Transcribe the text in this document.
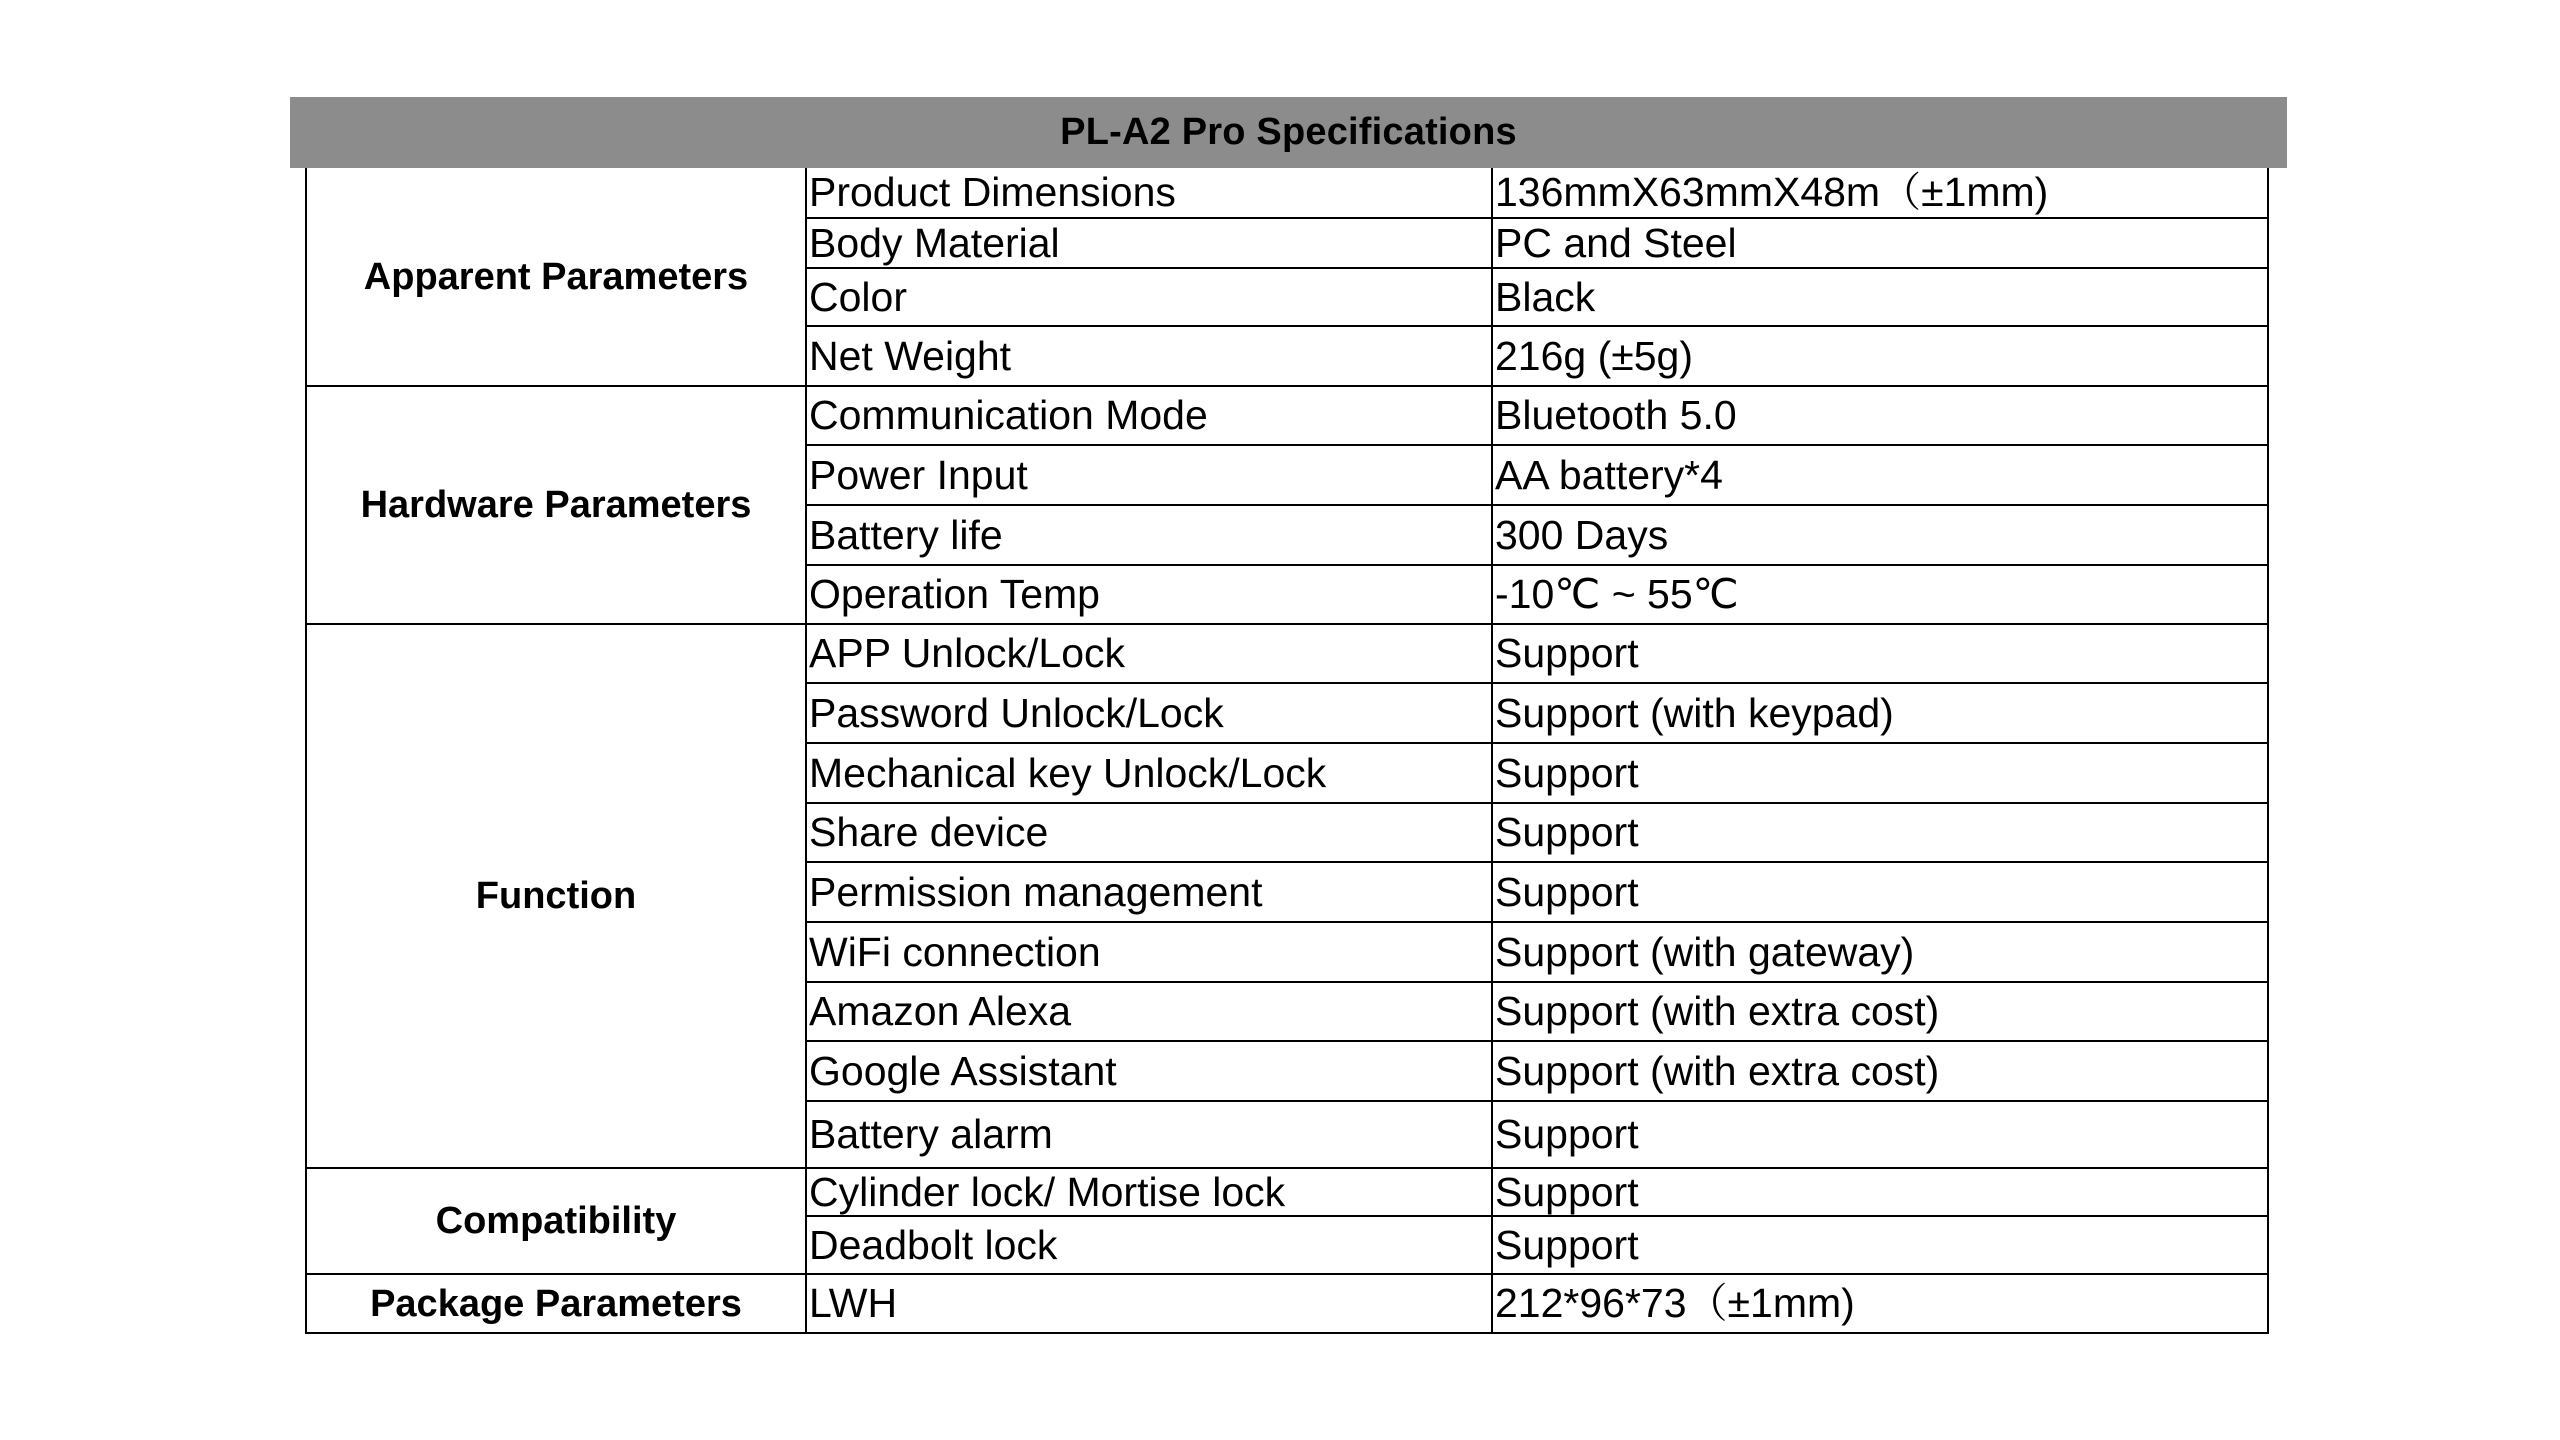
PL-A2 Pro Specifications
Apparent Parameters	Product Dimensions	136mmX63mmX48m（±1mm)
	Body Material	PC and Steel
	Color	Black
	Net Weight	216g (±5g)
Hardware Parameters	Communication Mode	Bluetooth 5.0
	Power Input	AA battery*4
	Battery life	300 Days
	Operation Temp	-10℃ ~ 55℃
Function	APP Unlock/Lock	Support
	Password Unlock/Lock	Support (with keypad)
	Mechanical key Unlock/Lock	Support
	Share device	Support
	Permission management	Support
	WiFi connection	Support (with gateway)
	Amazon Alexa	Support (with extra cost)
	Google Assistant	Support (with extra cost)
	Battery alarm	Support
Compatibility	Cylinder lock/ Mortise lock	Support
	Deadbolt lock	Support
Package Parameters	LWH	212*96*73（±1mm)
